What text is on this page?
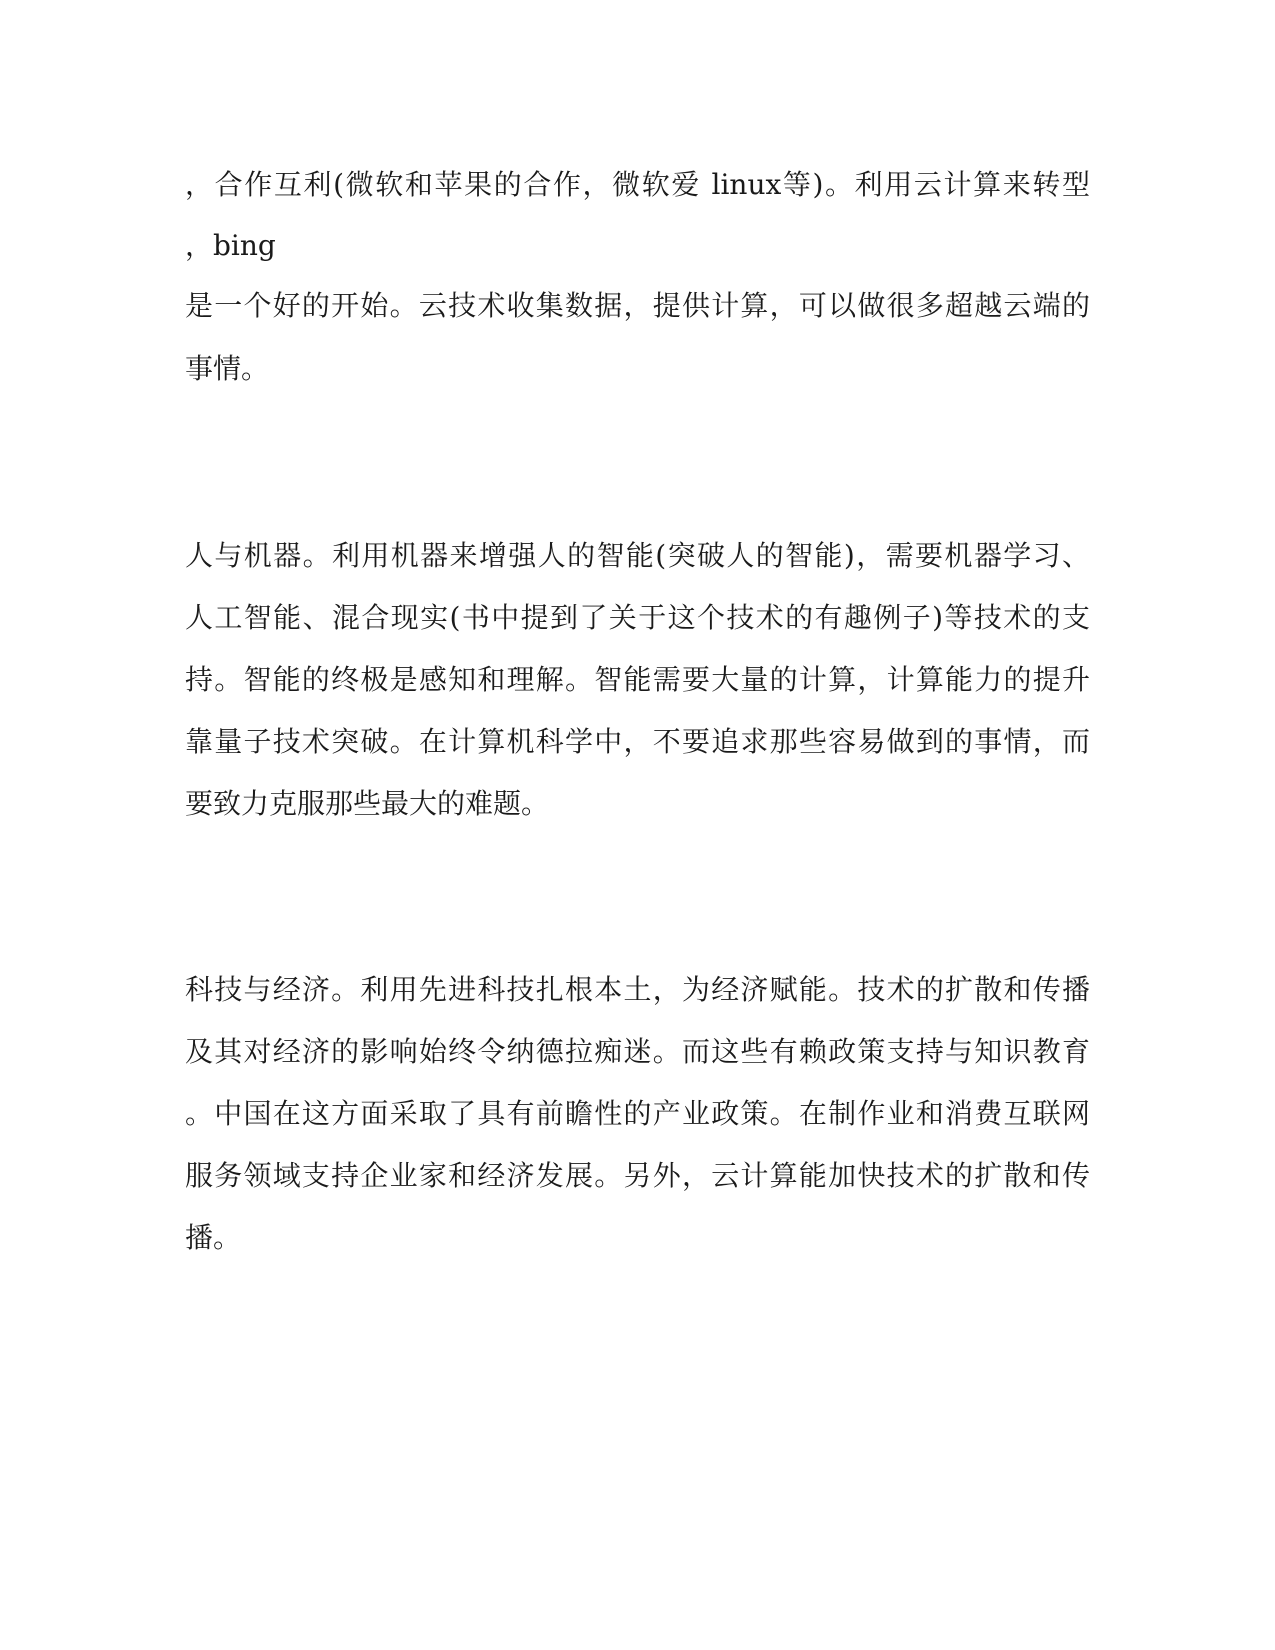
，合作互利(微软和苹果的合作，微软爱 linux等)。利用云计算来转型
，bing
是一个好的开始。云技术收集数据，提供计算，可以做很多超越云端的
事情。
人与机器。利用机器来增强人的智能(突破人的智能)，需要机器学习、
人工智能、混合现实(书中提到了关于这个技术的有趣例子)等技术的支
持。智能的终极是感知和理解。智能需要大量的计算，计算能力的提升
靠量子技术突破。在计算机科学中，不要追求那些容易做到的事情，而
要致力克服那些最大的难题。
科技与经济。利用先进科技扎根本土，为经济赋能。技术的扩散和传播
及其对经济的影响始终令纳德拉痴迷。而这些有赖政策支持与知识教育
。中国在这方面采取了具有前瞻性的产业政策。在制作业和消费互联网
服务领域支持企业家和经济发展。另外，云计算能加快技术的扩散和传
播。
